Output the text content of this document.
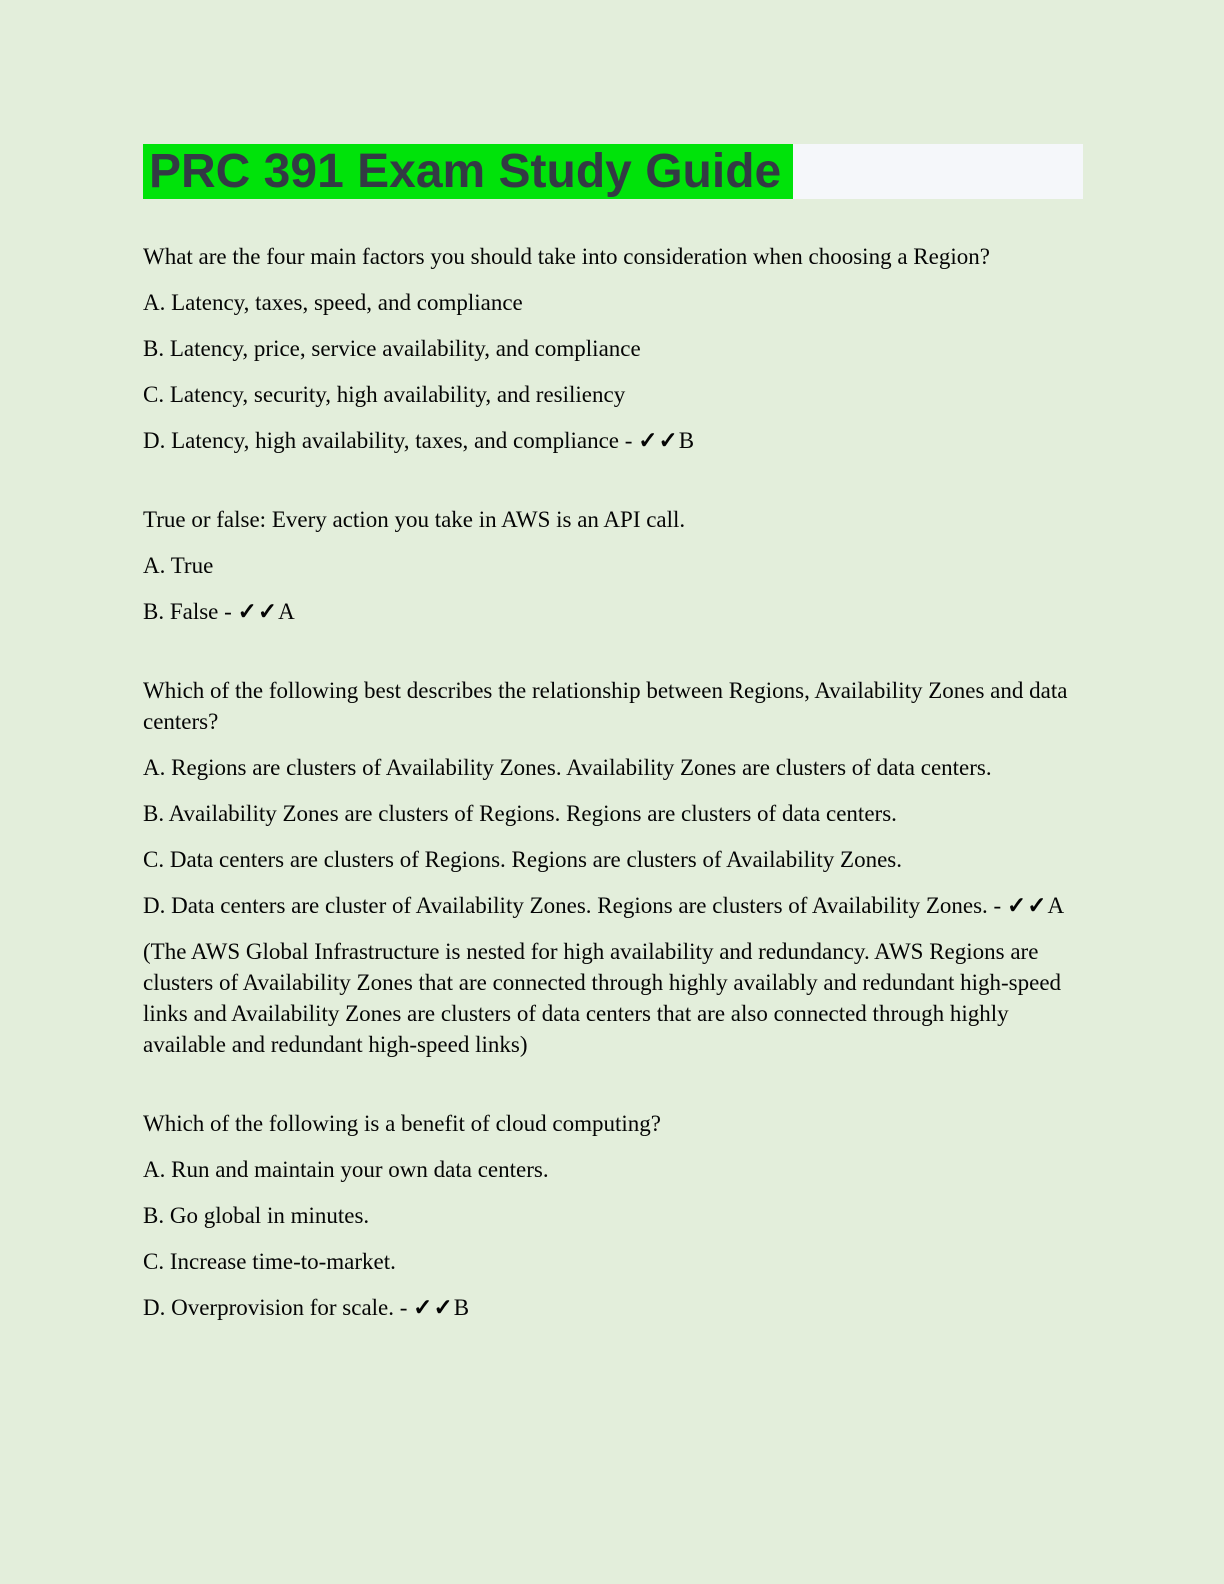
PRC 391 Exam Study Guide

What are the four main factors you should take into consideration when choosing a Region?

A. Latency, taxes, speed, and compliance

B. Latency, price, service availability, and compliance

C. Latency, security, high availability, and resiliency

D. Latency, high availability, taxes, and compliance - ✓✓B

True or false: Every action you take in AWS is an API call.

A. True

B. False - ✓✓A

Which of the following best describes the relationship between Regions, Availability Zones and data centers?

A. Regions are clusters of Availability Zones. Availability Zones are clusters of data centers.

B. Availability Zones are clusters of Regions. Regions are clusters of data centers.

C. Data centers are clusters of Regions. Regions are clusters of Availability Zones.

D. Data centers are cluster of Availability Zones. Regions are clusters of Availability Zones. - ✓✓A

(The AWS Global Infrastructure is nested for high availability and redundancy. AWS Regions are clusters of Availability Zones that are connected through highly availably and redundant high-speed links and Availability Zones are clusters of data centers that are also connected through highly available and redundant high-speed links)

Which of the following is a benefit of cloud computing?

A. Run and maintain your own data centers.

B. Go global in minutes.

C. Increase time-to-market.

D. Overprovision for scale. - ✓✓B
